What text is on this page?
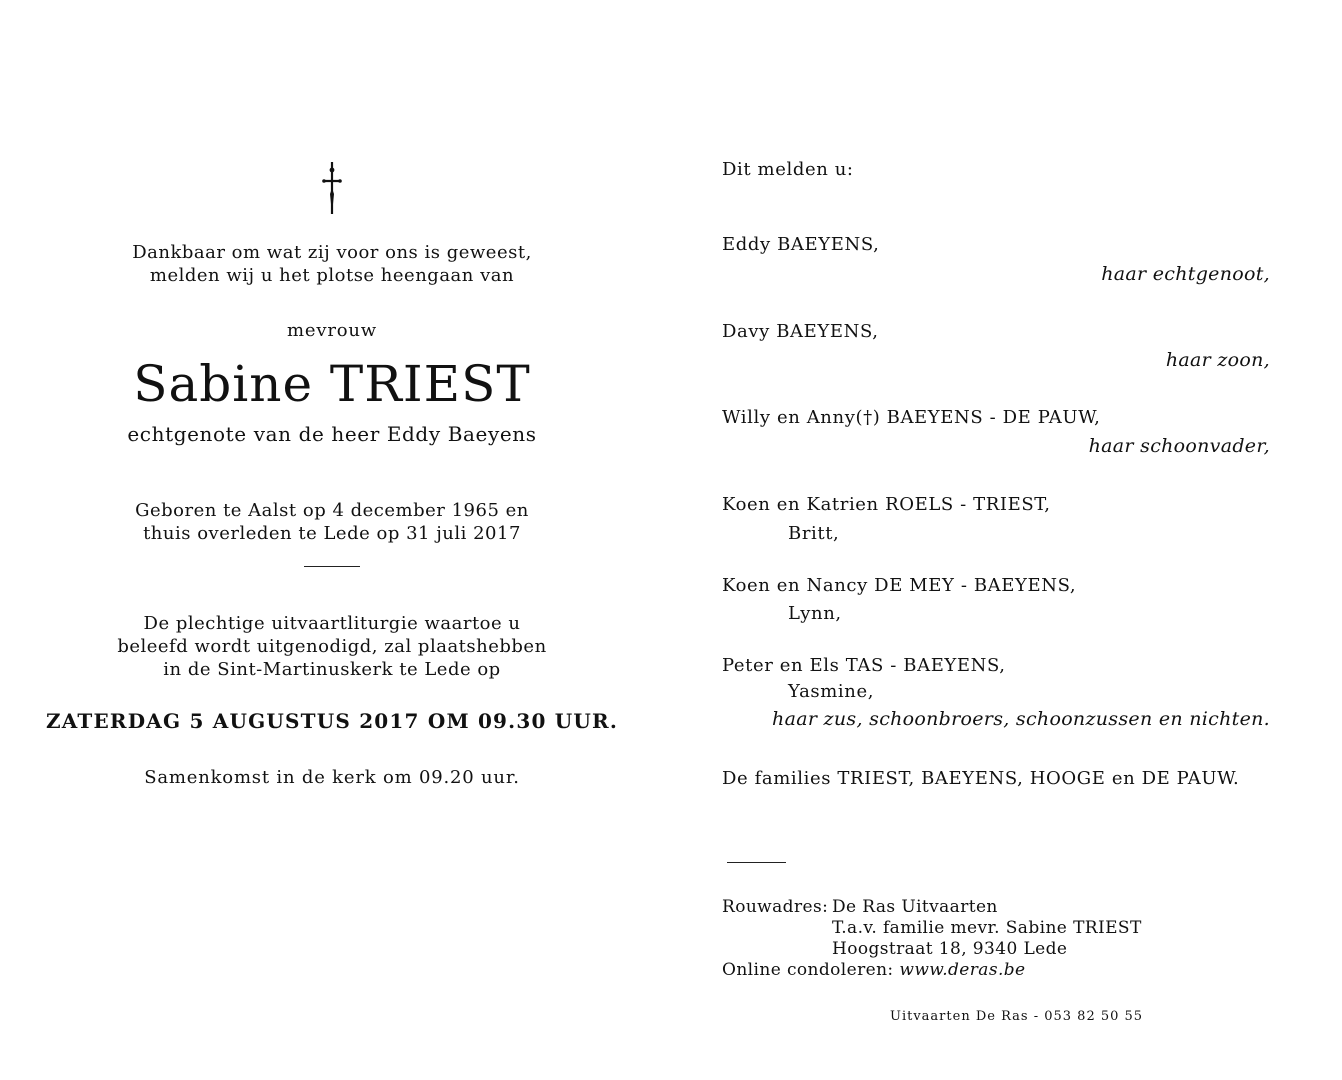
Dankbaar om wat zij voor ons is geweest,
melden wij u het plotse heengaan van
mevrouw
Sabine TRIEST
echtgenote van de heer Eddy Baeyens
Geboren te Aalst op 4 december 1965 en
thuis overleden te Lede op 31 juli 2017
De plechtige uitvaartliturgie waartoe u
beleefd wordt uitgenodigd, zal plaatshebben
in de Sint-Martinuskerk te Lede op
ZATERDAG 5 AUGUSTUS 2017 OM 09.30 UUR.
Samenkomst in de kerk om 09.20 uur.
Dit melden u:
Eddy BAEYENS,
haar echtgenoot,
Davy BAEYENS,
haar zoon,
Willy en Anny(†) BAEYENS - DE PAUW,
haar schoonvader,
Koen en Katrien ROELS - TRIEST,
Britt,
Koen en Nancy DE MEY - BAEYENS,
Lynn,
Peter en Els TAS - BAEYENS,
Yasmine,
haar zus, schoonbroers, schoonzussen en nichten.
De families TRIEST, BAEYENS, HOOGE en DE PAUW.
Rouwadres: De Ras Uitvaarten
T.a.v. familie mevr. Sabine TRIEST
Hoogstraat 18, 9340 Lede
Online condoleren: www.deras.be
Uitvaarten De Ras - 053 82 50 55
